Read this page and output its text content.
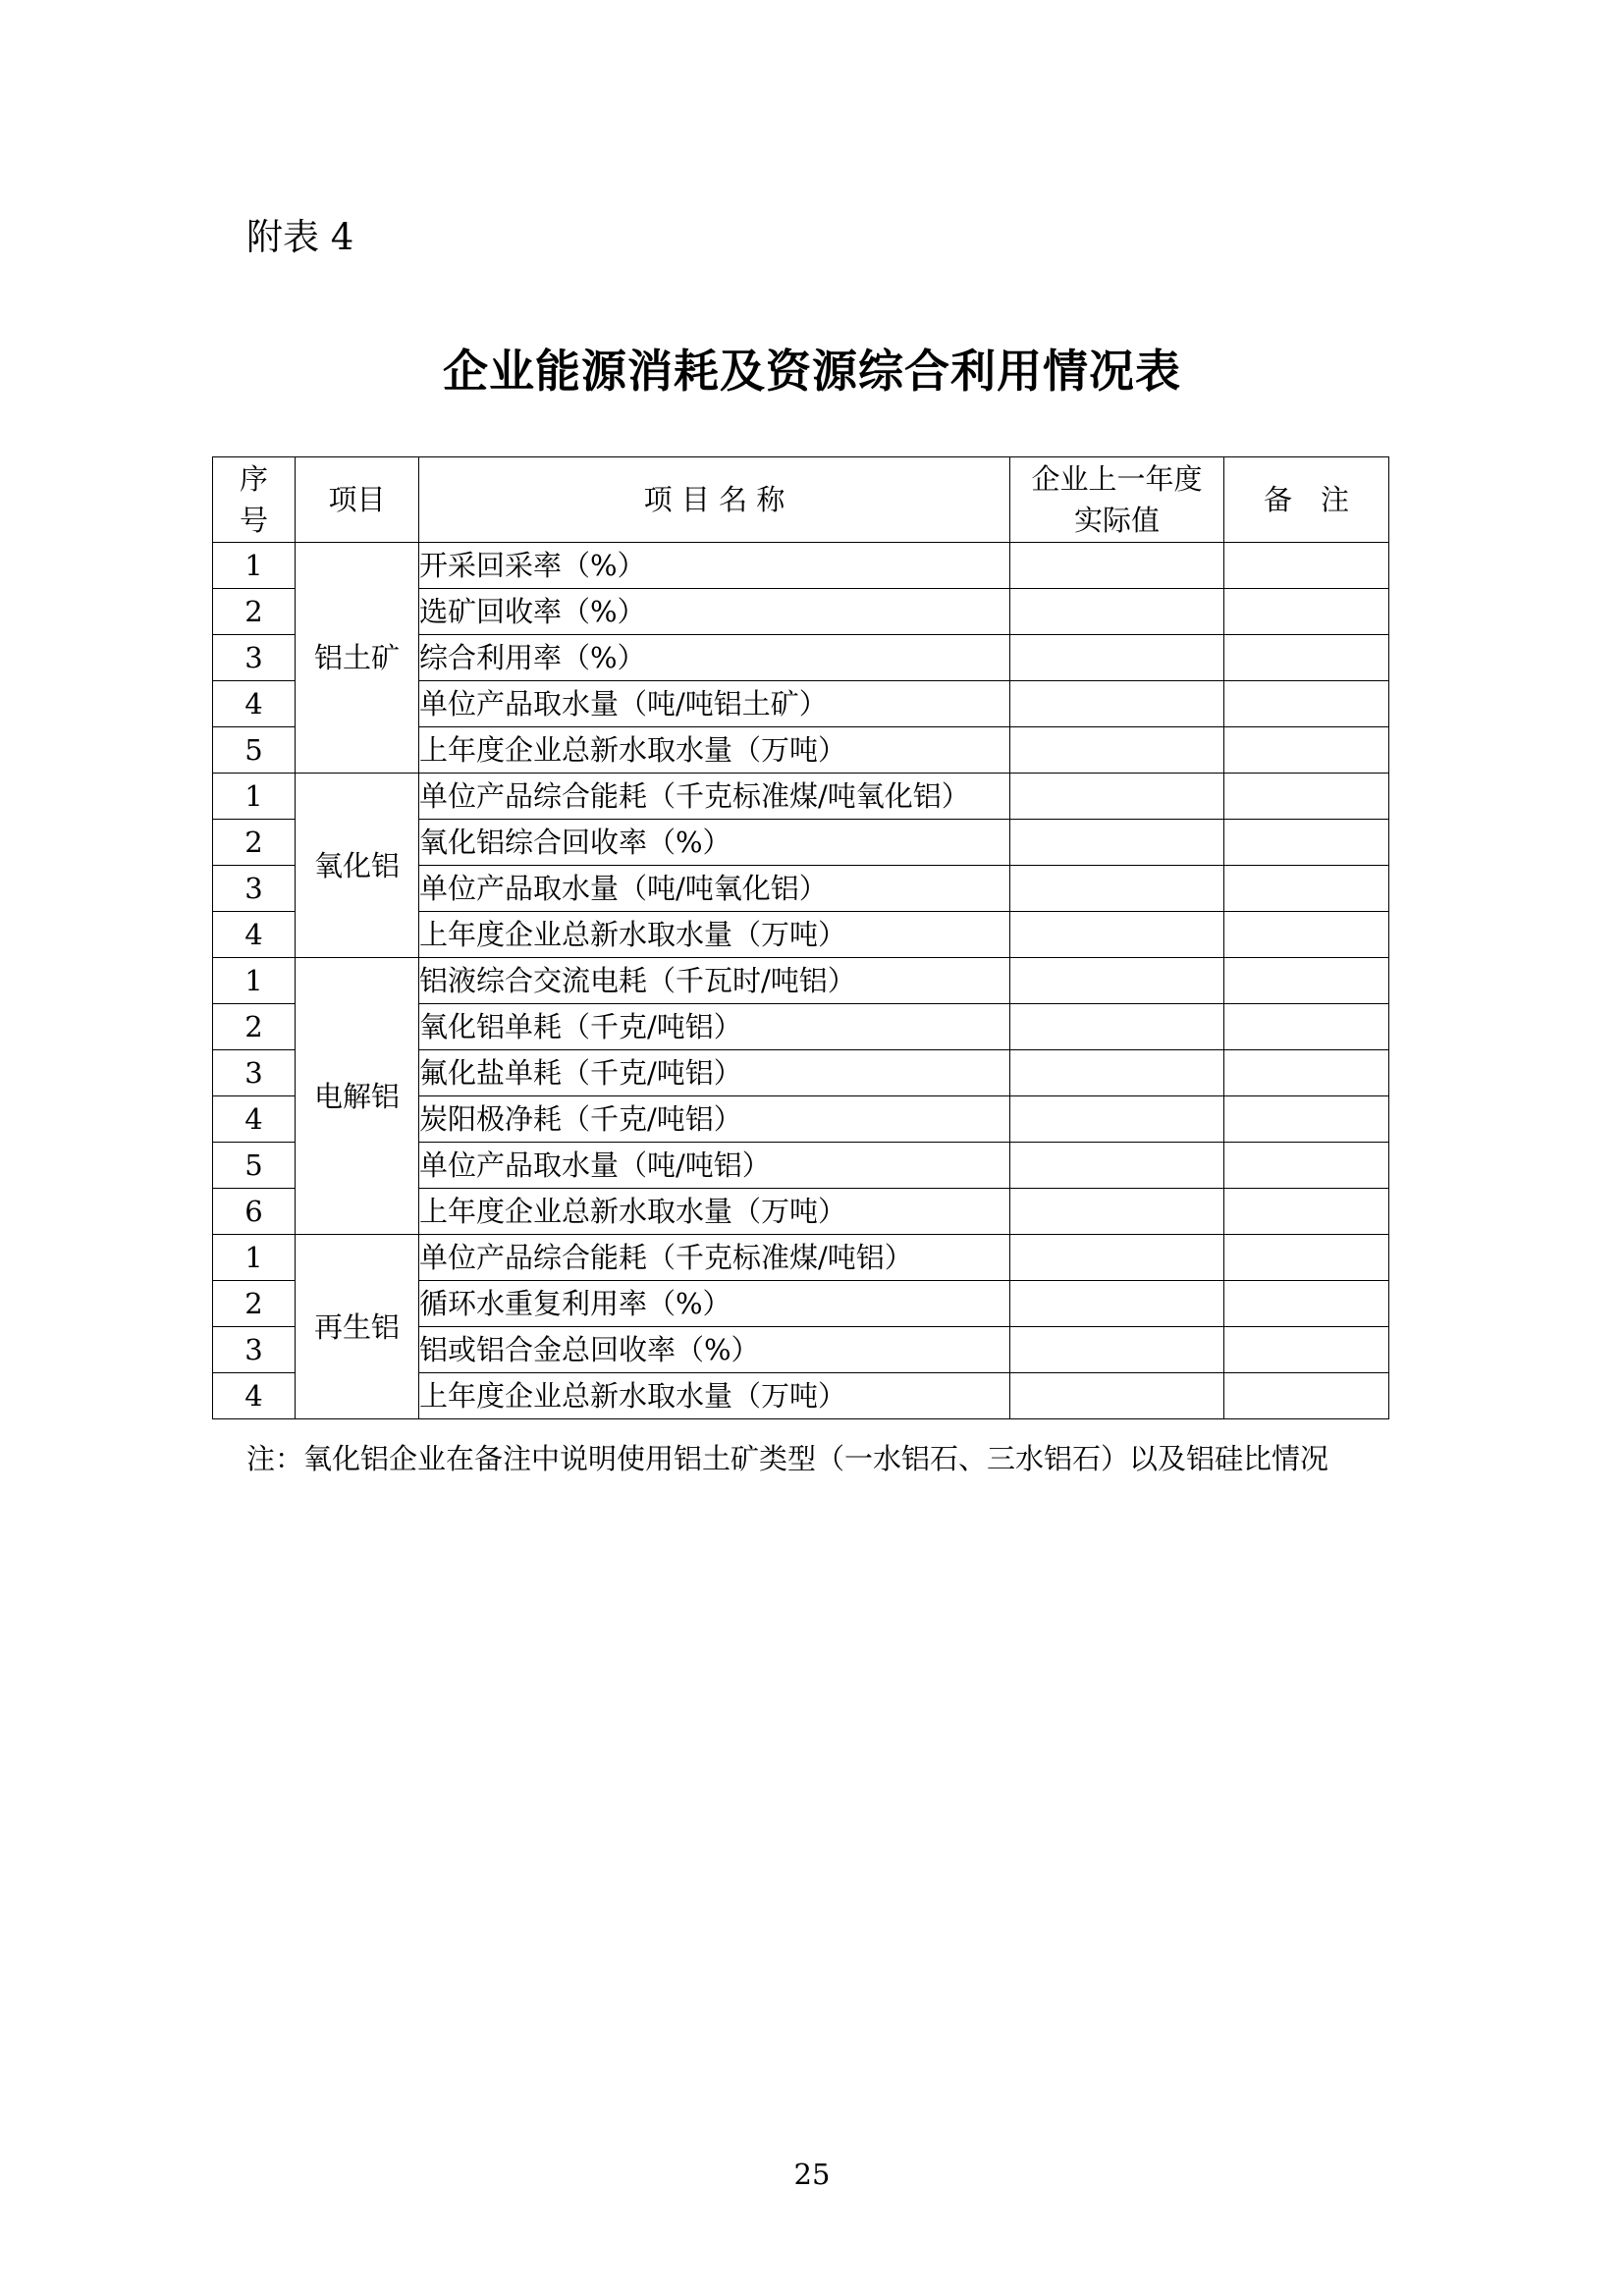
附表 4
企业能源消耗及资源综合利用情况表
序号	项目	项 目 名 称	企业上一年度实际值	备　注
1	铝土矿	开采回采率（%）		
2		选矿回收率（%）		
3		综合利用率（%）		
4		单位产品取水量（吨/吨铝土矿）		
5		上年度企业总新水取水量（万吨）		
1	氧化铝	单位产品综合能耗（千克标准煤/吨氧化铝）		
2		氧化铝综合回收率（%）		
3		单位产品取水量（吨/吨氧化铝）		
4		上年度企业总新水取水量（万吨）		
1	电解铝	铝液综合交流电耗（千瓦时/吨铝）		
2		氧化铝单耗（千克/吨铝）		
3		氟化盐单耗（千克/吨铝）		
4		炭阳极净耗（千克/吨铝）		
5		单位产品取水量（吨/吨铝）		
6		上年度企业总新水取水量（万吨）		
1	再生铝	单位产品综合能耗（千克标准煤/吨铝）		
2		循环水重复利用率（%）		
3		铝或铝合金总回收率（%）		
4		上年度企业总新水取水量（万吨）		
注：氧化铝企业在备注中说明使用铝土矿类型（一水铝石、三水铝石）以及铝硅比情况
25
